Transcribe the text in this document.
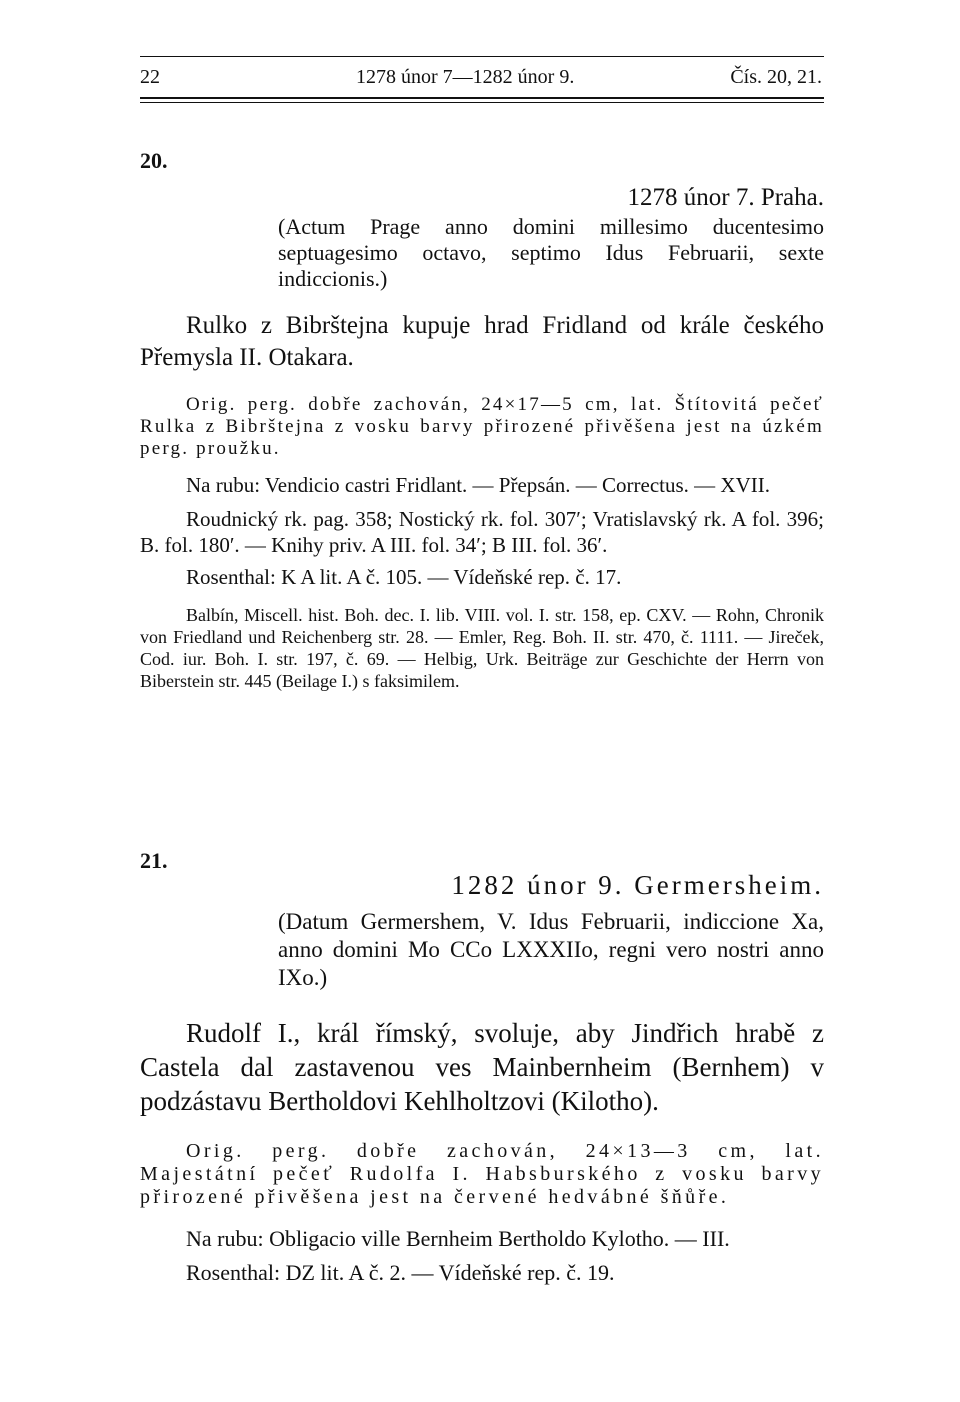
22	1278 únor 7—1282 únor 9.	Čís. 20, 21.
20.

1278 únor 7. Praha.

(Actum Prage anno domini millesimo ducentesimo septuagesimo octavo, septimo Idus Februarii, sexte indiccionis.)

Rulko z Bibrštejna kupuje hrad Fridland od krále českého Přemysla II. Otakara.

Orig. perg. dobře zachován, 24×17—5 cm, lat. Štítovitá pečeť Rulka z Bibrštejna z vosku barvy přirozené přivěšena jest na úzkém perg. proužku.

Na rubu: Vendicio castri Fridlant. — Přepsán. — Correctus. — XVII.

Roudnický rk. pag. 358; Nostický rk. fol. 307′; Vratislavský rk. A fol. 396; B. fol. 180′. — Knihy priv. A III. fol. 34′; B III. fol. 36′.

Rosenthal: K A lit. A č. 105. — Vídeňské rep. č. 17.

Balbín, Miscell. hist. Boh. dec. I. lib. VIII. vol. I. str. 158, ep. CXV. — Rohn, Chronik von Friedland und Reichenberg str. 28. — Emler, Reg. Boh. II. str. 470, č. 1111. — Jireček, Cod. iur. Boh. I. str. 197, č. 69. — Helbig, Urk. Beiträge zur Geschichte der Herrn von Biberstein str. 445 (Beilage I.) s faksimilem.

21.

1282 únor 9. Germersheim.

(Datum Germershem, V. Idus Februarii, indiccione Xa, anno domini Mo CCo LXXXIIo, regni vero nostri anno IXo.)

Rudolf I., král římský, svoluje, aby Jindřich hrabě z Castela dal zastavenou ves Mainbernheim (Bernhem) v podzástavu Bertholdovi Kehlholtzovi (Kilotho).

Orig. perg. dobře zachován, 24×13—3 cm, lat. Majestátní pečeť Rudolfa I. Habsburského z vosku barvy přirozené přivěšena jest na červené hedvábné šňůře.

Na rubu: Obligacio ville Bernheim Bertholdo Kylotho. — III.

Rosenthal: DZ lit. A č. 2. — Vídeňské rep. č. 19.
